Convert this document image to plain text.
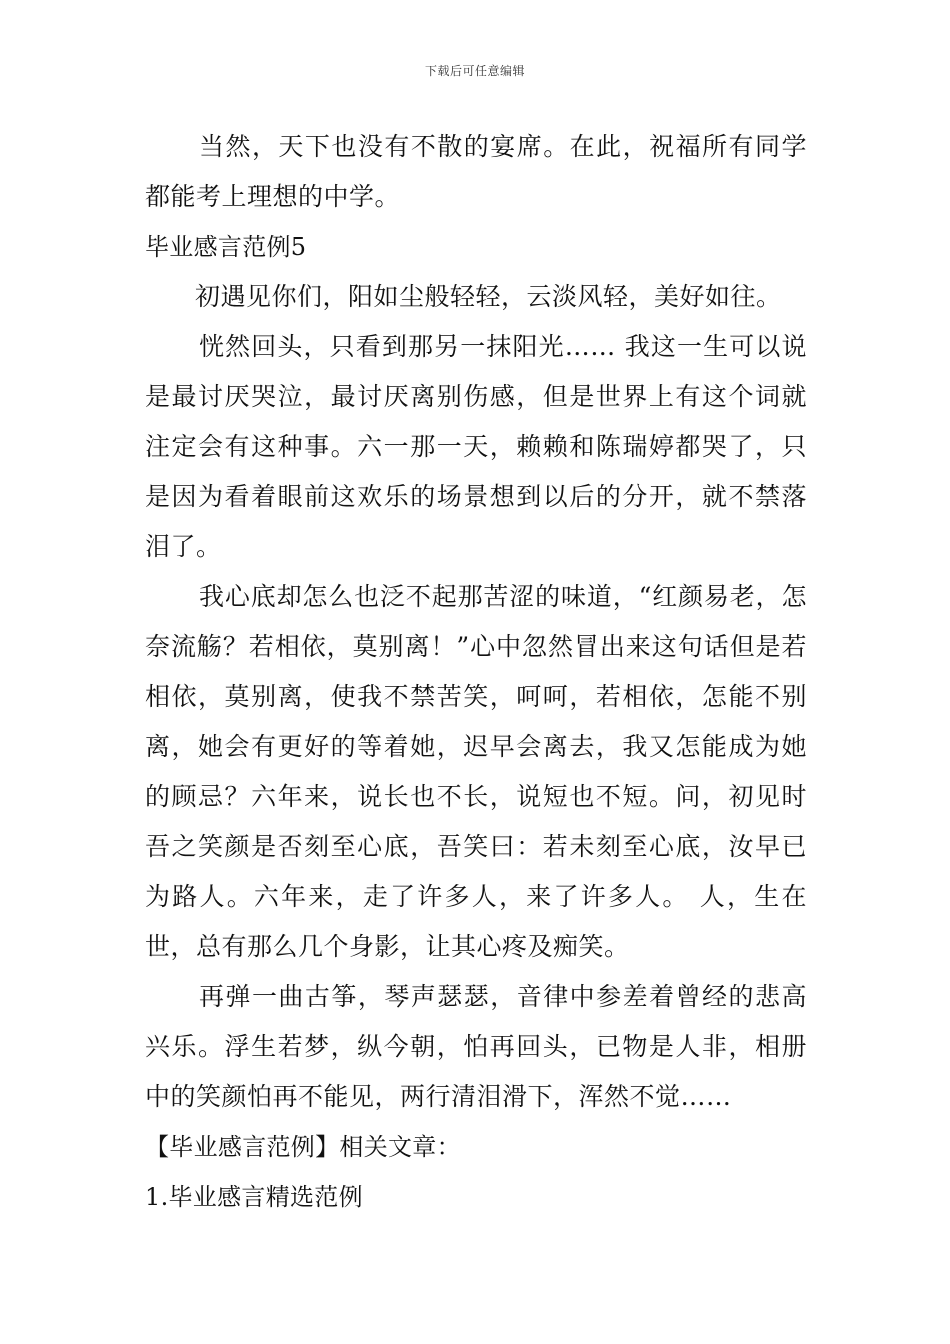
下载后可任意编辑

当然，天下也没有不散的宴席。在此，祝福所有同学都能考上理想的中学。

毕业感言范例5

初遇见你们，阳如尘般轻轻，云淡风轻，美好如往。

恍然回头，只看到那另一抹阳光…… 我这一生可以说是最讨厌哭泣，最讨厌离别伤感，但是世界上有这个词就注定会有这种事。六一那一天，赖赖和陈瑞婷都哭了，只是因为看着眼前这欢乐的场景想到以后的分开，就不禁落泪了。

我心底却怎么也泛不起那苦涩的味道，“红颜易老，怎奈流觞？若相依，莫别离！”心中忽然冒出来这句话但是若相依，莫别离，使我不禁苦笑，呵呵，若相依，怎能不别离，她会有更好的等着她，迟早会离去，我又怎能成为她的顾忌？六年来，说长也不长，说短也不短。问，初见时吾之笑颜是否刻至心底，吾笑曰：若未刻至心底，汝早已为路人。六年来，走了许多人，来了许多人。 人，生在世，总有那么几个身影，让其心疼及痴笑。

再弹一曲古筝，琴声瑟瑟，音律中参差着曾经的悲高兴乐。浮生若梦，纵今朝，怕再回头，已物是人非，相册中的笑颜怕再不能见，两行清泪滑下，浑然不觉……

【毕业感言范例】相关文章：

1.毕业感言精选范例
